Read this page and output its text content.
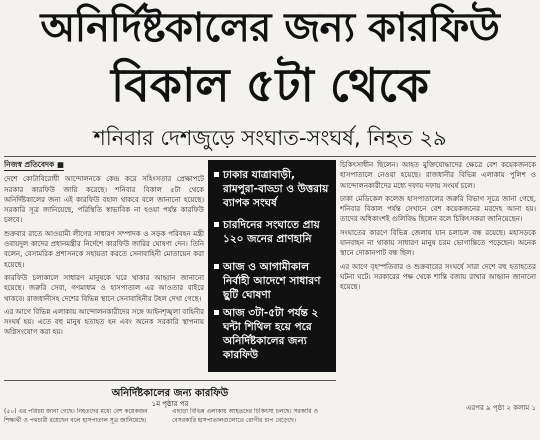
অনির্দিষ্টকালের জন্য কারফিউ
বিকাল ৫টা থেকে
শনিবার দেশজুড়ে সংঘাত-সংঘর্ষ, নিহত ২৯
নিজস্ব প্রতিবেদক ■

দেশে কোটাবিরোধী আন্দোলনকে কেন্দ্র করে সহিংসতার প্রেক্ষাপটে সরকার কারফিউ জারি করেছে। শনিবার বিকাল ৫টা থেকে অনির্দিষ্টকালের জন্য এই কারফিউ বহাল থাকবে বলে জানানো হয়েছে। সরকারি সূত্র জানিয়েছে, পরিস্থিতি স্বাভাবিক না হওয়া পর্যন্ত কারফিউ চলবে।

শুক্রবার রাতে আওয়ামী লীগের সাধারণ সম্পাদক ও সড়ক পরিবহন মন্ত্রী ওবায়দুল কাদের প্রধানমন্ত্রীর নির্দেশে কারফিউ জারির ঘোষণা দেন। তিনি বলেন, বেসামরিক প্রশাসনকে সহায়তা করতে সেনাবাহিনী মোতায়েন করা হয়েছে।

কারফিউ চলাকালে সাধারণ মানুষকে ঘরে থাকার আহ্বান জানানো হয়েছে। জরুরি সেবা, গণমাধ্যম ও হাসপাতাল এর আওতার বাইরে থাকবে। রাজধানীসহ দেশের বিভিন্ন স্থানে সেনাবাহিনীর টহল দেখা গেছে।

এর আগে বিভিন্ন এলাকায় আন্দোলনকারীদের সঙ্গে আইনশৃঙ্খলা বাহিনীর সংঘর্ষ হয়। এতে বহু মানুষ হতাহত হন এবং অনেক সরকারি স্থাপনায় অগ্নিসংযোগ করা হয়।

ঢাকার যাত্রাবাড়ী, রামপুরা-বাড্ডা ও উত্তরায় ব্যাপক সংঘর্ষ
চারদিনের সংঘাতে প্রায় ১২০ জনের প্রাণহানি
আজ ও আগামীকাল নির্বাহী আদেশে সাধারণ ছুটি ঘোষণা
আজ ৩টা-৫টা পর্যন্ত ২ ঘন্টা শিথিল হয়ে পরে অনির্দিষ্টকালের জন্য কারফিউ

চিকিৎসাধীন ছিলেন। আহত মুক্তিযোদ্ধাদের ক্ষেত্রে বেশ কয়েকজনকে হাসপাতালে নেওয়া হয়েছে। রাজধানীর বিভিন্ন এলাকায় পুলিশ ও আন্দোলনকারীদের মধ্যে দফায় দফায় সংঘর্ষ চলে।

ঢাকা মেডিকেল কলেজ হাসপাতালের জরুরি বিভাগ সূত্রে জানা গেছে, শনিবার বিকাল পর্যন্ত সেখানে বেশ কয়েকজনের মরদেহ আনা হয়। তাদের অধিকাংশই গুলিবিদ্ধ ছিলেন বলে চিকিৎসকরা জানিয়েছেন।

সংঘাতের কারণে বিভিন্ন জেলায় যান চলাচল বন্ধ রয়েছে। মহাসড়কে যানবাহন না থাকায় সাধারণ মানুষ চরম ভোগান্তিতে পড়েছেন। অনেক স্থানে দোকানপাট বন্ধ ছিল।

এর আগে বৃহস্পতিবার ও শুক্রবারের সংঘর্ষে সারা দেশে বহু হতাহতের ঘটনা ঘটে। সরকারের পক্ষ থেকে শান্তি বজায় রাখার আহ্বান জানানো হয়েছে।

এরপর ৯ পৃষ্ঠা ২ কলাম ১
অনির্দিষ্টকালের জন্য কারফিউ
১ম পৃষ্ঠার পর
(৫০) এর পরিচয় জানা গেছে। নিহতদের মধ্যে বেশ কয়েকজন শিক্ষার্থী ও পথচারী রয়েছেন বলে হাসপাতাল সূত্র জানিয়েছে।
এছাড়া বিভিন্ন এলাকায় আহতদের চিকিৎসা চলছে। সরকারি ও বেসরকারি হাসপাতালগুলোতে রোগীর চাপ বেড়েছে।
